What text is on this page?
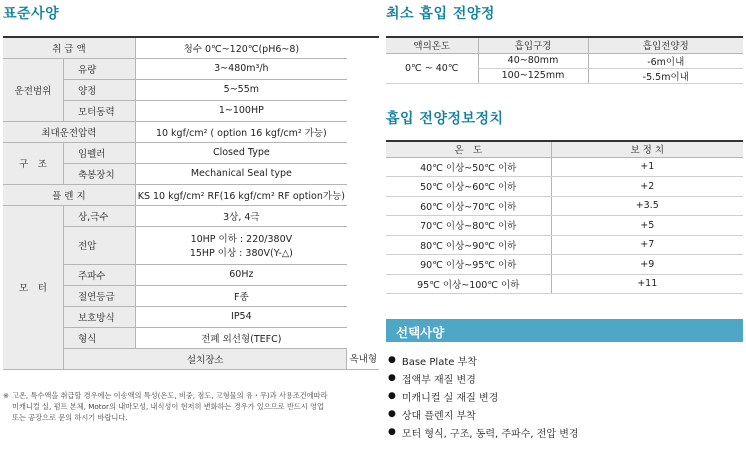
표준사양	최소 흡입 전양정
흡입 전양정보정치
취 급 액		청수 0℃~120℃(pH6~8)	
운전범위	유량	3~480m³/h	
	양정	5~55m	
	모터동력	1~100HP	
최대운전압력		10 kgf/cm² ( option 16 kgf/cm² 가능)	
구　조	임펠러	Closed Type	
	축봉장치	Mechanical Seal type	
플 렌 지		KS 10 kgf/cm² RF(16 kgf/cm² RF option가능)	
모　터	상,극수	3상, 4극	
	전압	10HP 이하 : 220/380V
15HP 이상 : 380V(Y-△)	

	주파수	60Hz	
	절연등급	F종	
	보호방식	IP54	
	형식	전폐 외선형(TEFC)	
	설치장소		옥내형
※ 고온, 특수액을 취급할 경우에는 이송액의 특성(온도, 비중, 점도, 고형물의 유・무)과 사용조건에따라
미캐니컬 실, 펌프 본체, Motor의 내마모성, 내식성이 현저히 변화하는 경우가 있으므로 반드시 영업
또는 공장으로 문의 하시기 바랍니다.
액의온도	흡입구경	흡입전양정
0℃ ~ 40℃	40~80mm	-6m이내
	100~125mm	-5.5m이내
온　도	보 정 치
40℃ 이상~50℃ 이하	+1
50℃ 이상~60℃ 이하	+2
60℃ 이상~70℃ 이하	+3.5
70℃ 이상~80℃ 이하	+5
80℃ 이상~90℃ 이하	+7
90℃ 이상~95℃ 이하	+9
95℃ 이상~100℃ 이하	+11
선택사양
● Base Plate 부착
● 접액부 재질 변경
● 미캐니컬 실 재질 변경
● 상대 플렌지 부착
● 모터 형식, 구조, 동력, 주파수, 전압 변경
